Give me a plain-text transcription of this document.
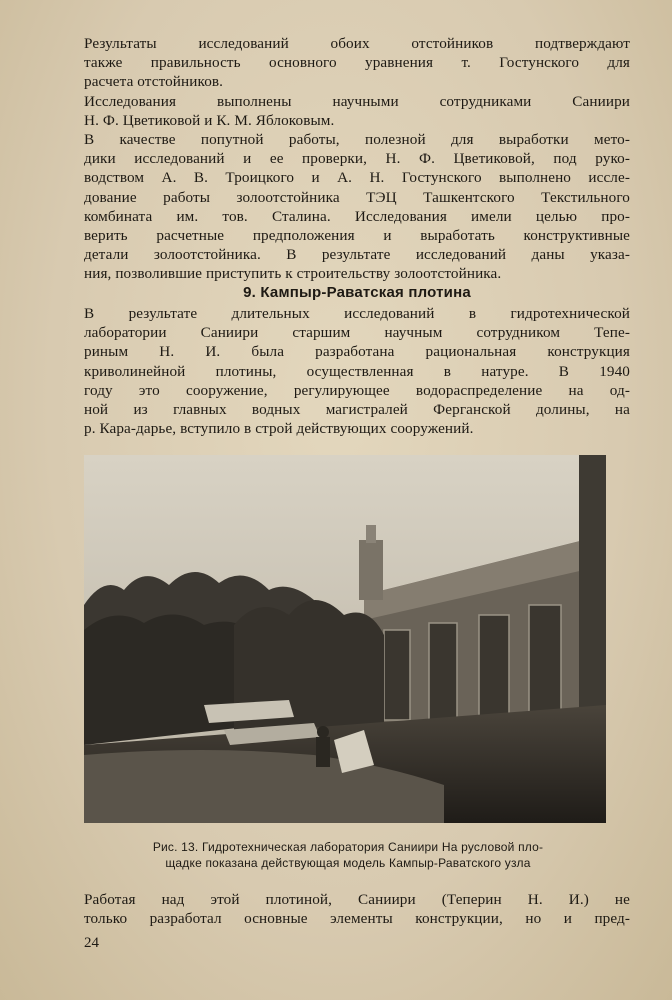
Результаты исследований обоих отстойников подтверждают
также правильность основного уравнения т. Гостунского для
расчета отстойников.
Исследования выполнены научными сотрудниками Саниири
Н. Ф. Цветиковой и К. М. Яблоковым.
В качестве попутной работы, полезной для выработки мето-
дики исследований и ее проверки, Н. Ф. Цветиковой, под руко-
водством А. В. Троицкого и А. Н. Гостунского выполнено иссле-
дование работы золоотстойника ТЭЦ Ташкентского Текстильного
комбината им. тов. Сталина. Исследования имели целью про-
верить расчетные предположения и выработать конструктивные
детали золоотстойника. В результате исследований даны указа-
ния, позволившие приступить к строительству золоотстойника.
9. Кампыр-Раватская плотина
В результате длительных исследований в гидротехнической
лаборатории Саниири старшим научным сотрудником Тепе-
риным Н. И. была разработана рациональная конструкция
криволинейной плотины, осуществленная в натуре. В 1940
году это сооружение, регулирующее водораспределение на од-
ной из главных водных магистралей Ферганской долины, на
р. Кара-дарье, вступило в строй действующих сооружений.
Рис. 13. Гидротехническая лаборатория Саниири На русловой пло-
щадке показана действующая модель Кампыр-Раватского узла
Работая над этой плотиной, Саниири (Теперин Н. И.) не
только разработал основные элементы конструкции, но и пред-
24
